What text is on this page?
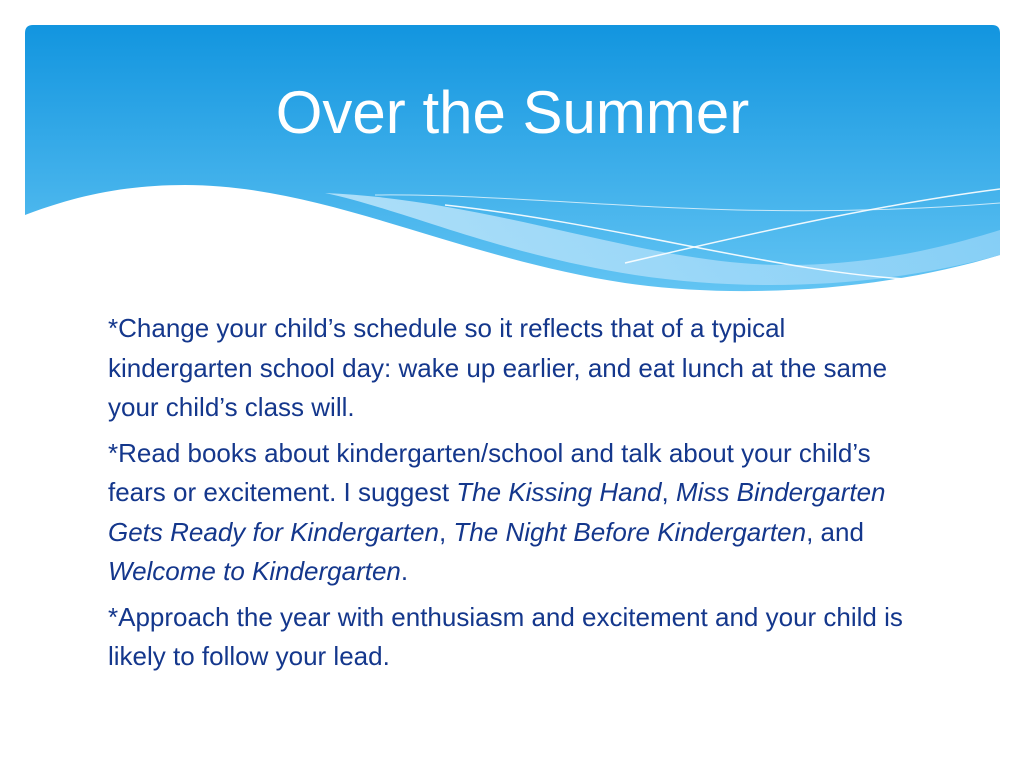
Over the Summer

*Change your child’s schedule so it reflects that of a typical kindergarten school day: wake up earlier, and eat lunch at the same your child’s class will.

*Read books about kindergarten/school and talk about your child’s fears or excitement. I suggest The Kissing Hand, Miss Bindergarten Gets Ready for Kindergarten, The Night Before Kindergarten, and Welcome to Kindergarten.

*Approach the year with enthusiasm and excitement and your child is likely to follow your lead.
